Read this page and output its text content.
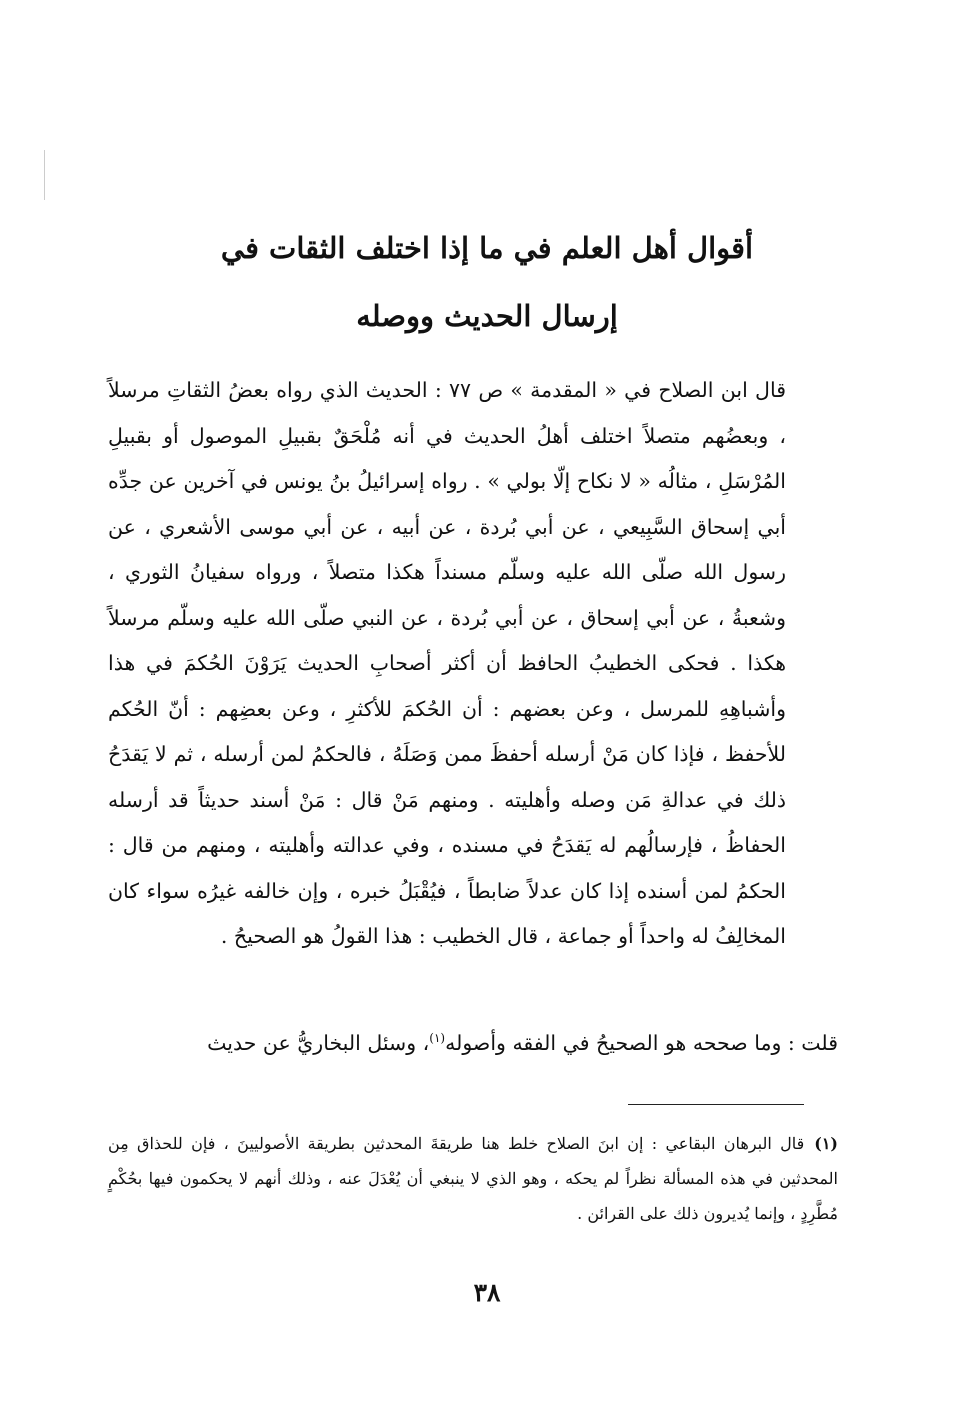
أقوال أهل العلم في ما إذا اختلف الثقات في
إرسال الحديث ووصله

قال ابن الصلاح في « المقدمة » ص ٧٧ : الحديث الذي رواه بعضُ الثقاتِ مرسلاً ، وبعضُهم متصلاً اختلف أهلُ الحديث في أنه مُلْحَقٌ بقبيلِ الموصول أو بقبيلِ المُرْسَلِ ، مثالُه « لا نكاح إلّا بولي » . رواه إسرائيلُ بنُ يونس في آخرين عن جدِّه أبي إسحاق السَّبِيعي ، عن أبي بُردة ، عن أبيه ، عن أبي موسى الأشعري ، عن رسول الله صلّى الله عليه وسلّم مسنداً هكذا متصلاً ، ورواه سفيانُ الثوري ، وشعبةُ ، عن أبي إسحاق ، عن أبي بُردة ، عن النبي صلّى الله عليه وسلّم مرسلاً هكذا . فحكى الخطيبُ الحافظ أن أكثر أصحابِ الحديث يَرَوْنَ الحُكمَ في هذا وأشباهِهِ للمرسل ، وعن بعضهم : أن الحُكمَ للأكثرِ ، وعن بعضِهم : أنّ الحُكم للأحفظ ، فإذا كان مَنْ أرسله أحفظَ ممن وَصَلَهُ ، فالحكمُ لمن أرسله ، ثم لا يَقدَحُ ذلك في عدالةِ مَن وصله وأهليته . ومنهم مَنْ قال : مَنْ أسند حديثاً قد أرسله الحفاظُ ، فإرسالُهم له يَقدَحُ في مسنده ، وفي عدالته وأهليته ، ومنهم من قال : الحكمُ لمن أسنده إذا كان عدلاً ضابطاً ، فيُقْبَلُ خبره ، وإن خالفه غيرُه سواء كان المخالِفُ له واحداً أو جماعة ، قال الخطيب : هذا القولُ هو الصحيحُ .

قلت : وما صححه هو الصحيحُ في الفقه وأصوله$^{(١)}$، وسئل البخاريُّ عن حديث

(١)قال البرهان البقاعي : إن ابنَ الصلاح خلط هنا طريقةَ المحدثين بطريقة الأصوليينَ ، فإن للحذاق مِن المحدثين في هذه المسألة نظراً لم يحكه ، وهو الذي لا ينبغي أن يُعْدَلَ عنه ، وذلك أنهم لا يحكمون فيها بحُكْمٍ مُطَّرِدٍ ، وإنما يُديرون ذلك على القرائن .

٣٨
